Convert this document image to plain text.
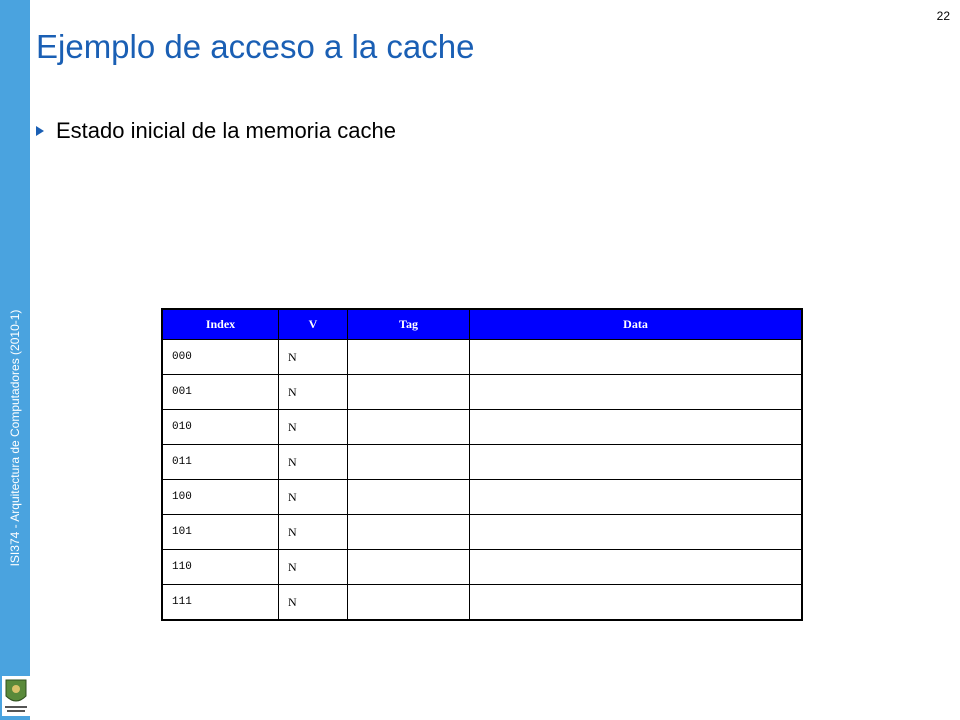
ISI374 - Arquitectura de Computadores (2010-1)
22
Ejemplo de acceso a la cache
Estado inicial de la memoria cache
Index	V	Tag	Data
000	N		
001	N		
010	N		
011	N		
100	N		
101	N		
110	N		
111	N		
